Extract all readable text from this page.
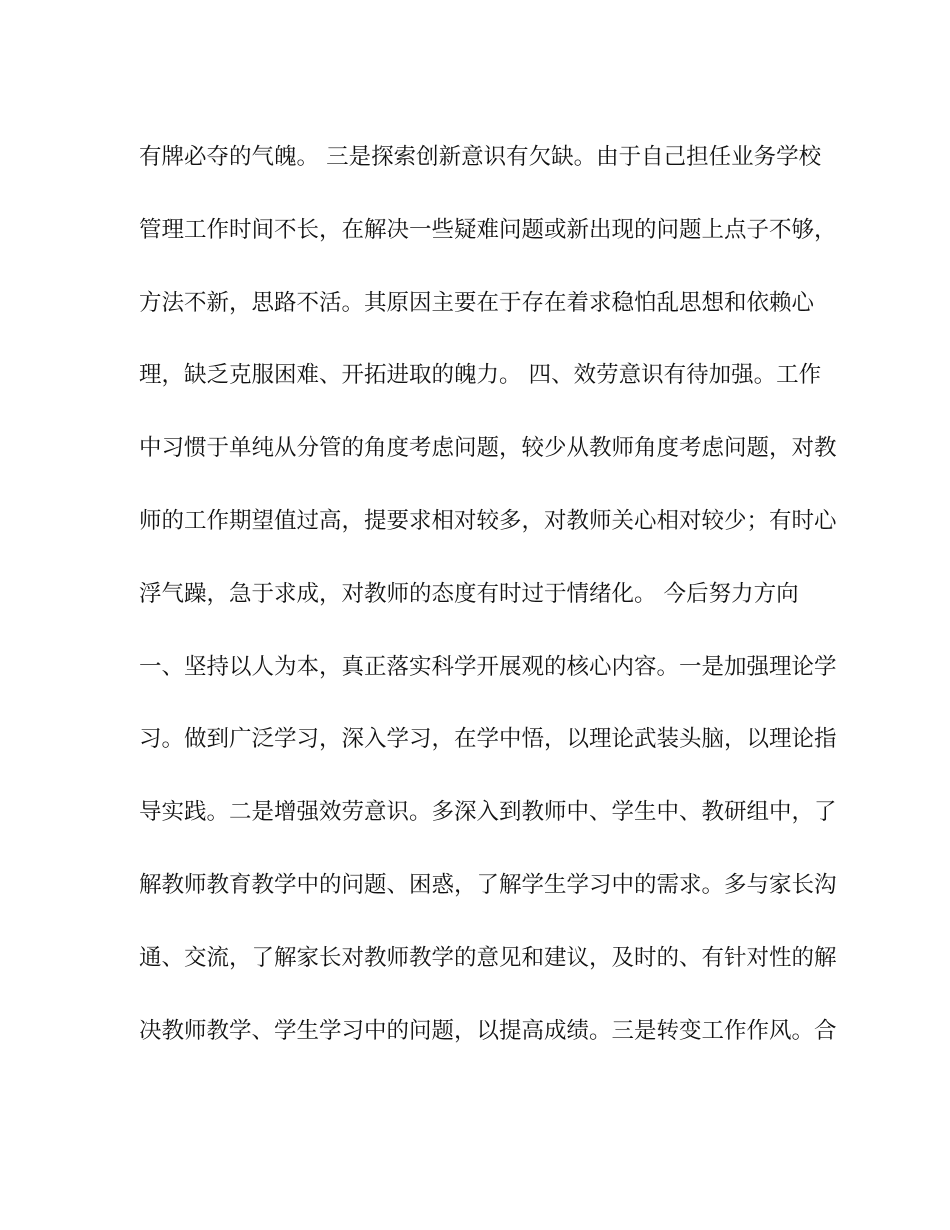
有牌必夺的气魄。 三是探索创新意识有欠缺。由于自己担任业务学校
管理工作时间不长，在解决一些疑难问题或新出现的问题上点子不够，
方法不新，思路不活。其原因主要在于存在着求稳怕乱思想和依赖心
理，缺乏克服困难、开拓进取的魄力。 四、效劳意识有待加强。工作
中习惯于单纯从分管的角度考虑问题，较少从教师角度考虑问题，对教
师的工作期望值过高，提要求相对较多，对教师关心相对较少；有时心
浮气躁，急于求成，对教师的态度有时过于情绪化。 今后努力方向
一、坚持以人为本，真正落实科学开展观的核心内容。一是加强理论学
习。做到广泛学习，深入学习，在学中悟，以理论武装头脑，以理论指
导实践。二是增强效劳意识。多深入到教师中、学生中、教研组中，了
解教师教育教学中的问题、困惑，了解学生学习中的需求。多与家长沟
通、交流，了解家长对教师教学的意见和建议，及时的、有针对性的解
决教师教学、学生学习中的问题，以提高成绩。三是转变工作作风。合
